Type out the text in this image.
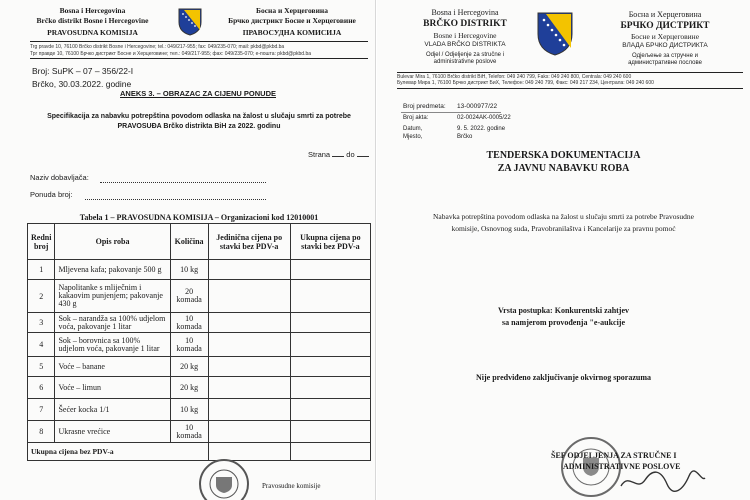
Bosna i Hercegovina
Brčko distrikt Bosne i Hercegovine
PRAVOSUDNA KOMISIJA
Босна и Херцеговина
Брчко дистрикт Босне и Херцеговине
ПРАВОСУДНА КОМИСИЈА
Trg pravde 10, 76100 Brčko distrikt Bosne i Hercegovine; tel.: 049/217-955; fax: 049/235-070; mail: pkbd@pkbd.ba
Трг правде 10, 76100 Брчко дистрикт Босне и Херцеговине; тел.: 049/217-955; фах: 049/235-070; е-пошта: pkbd@pkbd.ba
Broj: SuPK – 07 – 356/22-I
Brčko, 30.03.2022. godine
ANEKS 3. – OBRAZAC ZA CIJENU PONUDE
Specifikacija za nabavku potrepština povodom odlaska na žalost u slučaju smrti za potrebe
PRAVOSUĐA Brčko distrikta BiH za 2022. godinu
Strana do
Naziv dobavljača:
Ponuda broj:
Tabela 1 – PRAVOSUDNA KOMISIJA – Organizacioni kod 12010001
Redni broj	Opis roba	Količina	Jedinična cijena po stavki bez PDV-a	Ukupna cijena po stavki bez PDV-a
1	Mljevena kafa; pakovanje 500 g	10 kg		
2	Napolitanke s mliječnim i kakaovim punjenjem; pakovanje 430 g	20 komada		
3	Sok – narandža sa 100% udjelom voća, pakovanje 1 litar	10 komada		
4	Sok – borovnica sa 100% udjelom voća, pakovanje 1 litar	10 komada		
5	Voće – banane	20 kg		
6	Voće – limun	20 kg		
7	Šećer kocka 1/1	10 kg		
8	Ukrasne vrećice	10 komada		
Ukupna cijena bez PDV-a				
Pravosudne komisije
Bosna i Hercegovina
BRČKO DISTRIKT
Bosne i Hercegovine
VLADA BRČKO DISTRIKTA
Odjel / Odjeljenje za stručne i
administrativne poslove
Босна и Херцеговина
БРЧКО ДИСТРИКТ
Босне и Херцеговине
ВЛАДА БРЧКО ДИСТРИКТА
Одјељење за стручне и
административне послове
Bulevar Mira 1, 76100 Brčko distrikt BiH, Telefon: 049 240 799, Faks: 049 240 800, Centrala: 049 240 600
Булевар Мира 1, 76100 Брчко дистрикт БиХ, Телефон: 049 240 799, Факс: 049 217 234, Централа: 049 240 600
Broj predmeta: 13-000977/22
Broj akta:	02-0024AK-0005/22
Datum,	9. 5. 2022. godine
Mjesto,	Brčko
TENDERSKA DOKUMENTACIJA
ZA JAVNU NABAVKU ROBA
Nabavka potrepština povodom odlaska na žalost u slučaju smrti za potrebe Pravosudne
komisije, Osnovnog suda, Pravobranilaštva i Kancelarije za pravnu pomoć
Vrsta postupka: Konkurentski zahtjev
sa namjerom provođenja "e-aukcije
Nije predviđeno zaključivanje okvirnog sporazuma
ŠEF ODJELJENJA ZA STRUČNE I
ADMINISTRATIVNE POSLOVE
